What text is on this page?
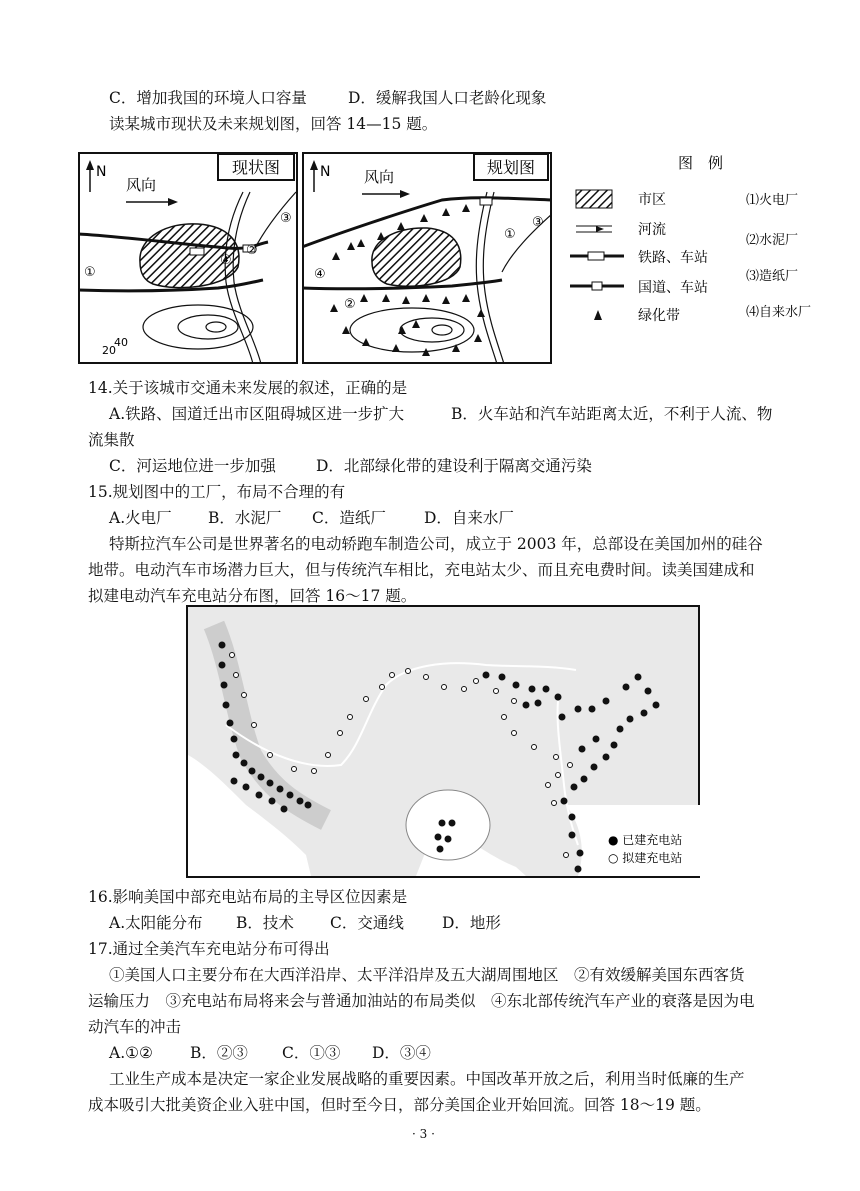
C．增加我国的环境人口容量	D．缓解我国人口老龄化现象
读某城市现状及未来规划图，回答 14—15 题。
现状图
N
风向
①
②
③
④
20
40
规划图
N 风向
④
②
③
①
图　例
市区
河流
铁路、车站
国道、车站
绿化带
⑴火电厂
⑵水泥厂
⑶造纸厂
⑷自来水厂
14.关于该城市交通未来发展的叙述，正确的是
A.铁路、国道迁出市区阻碍城区进一步扩大	B．火车站和汽车站距离太近，不利于人流、物
流集散
C．河运地位进一步加强	D．北部绿化带的建设利于隔离交通污染
15.规划图中的工厂，布局不合理的有
A.火电厂 B．水泥厂 C．造纸厂 D．自来水厂
特斯拉汽车公司是世界著名的电动轿跑车制造公司，成立于 2003 年，总部设在美国加州的硅谷
地带。电动汽车市场潜力巨大，但与传统汽车相比，充电站太少、而且充电费时间。读美国建成和
拟建电动汽车充电站分布图，回答 16～17 题。
● 已建充电站
○ 拟建充电站
16.影响美国中部充电站布局的主导区位因素是
A.太阳能分布 B．技术 C．交通线 D．地形
17.通过全美汽车充电站分布可得出
①美国人口主要分布在大西洋沿岸、太平洋沿岸及五大湖周围地区　②有效缓解美国东西客货
运输压力　③充电站布局将来会与普通加油站的布局类似　④东北部传统汽车产业的衰落是因为电
动汽车的冲击
A.①② B．②③ C．①③ D．③④
工业生产成本是决定一家企业发展战略的重要因素。中国改革开放之后，利用当时低廉的生产
成本吸引大批美资企业入驻中国，但时至今日，部分美国企业开始回流。回答 18～19 题。
· 3 ·
